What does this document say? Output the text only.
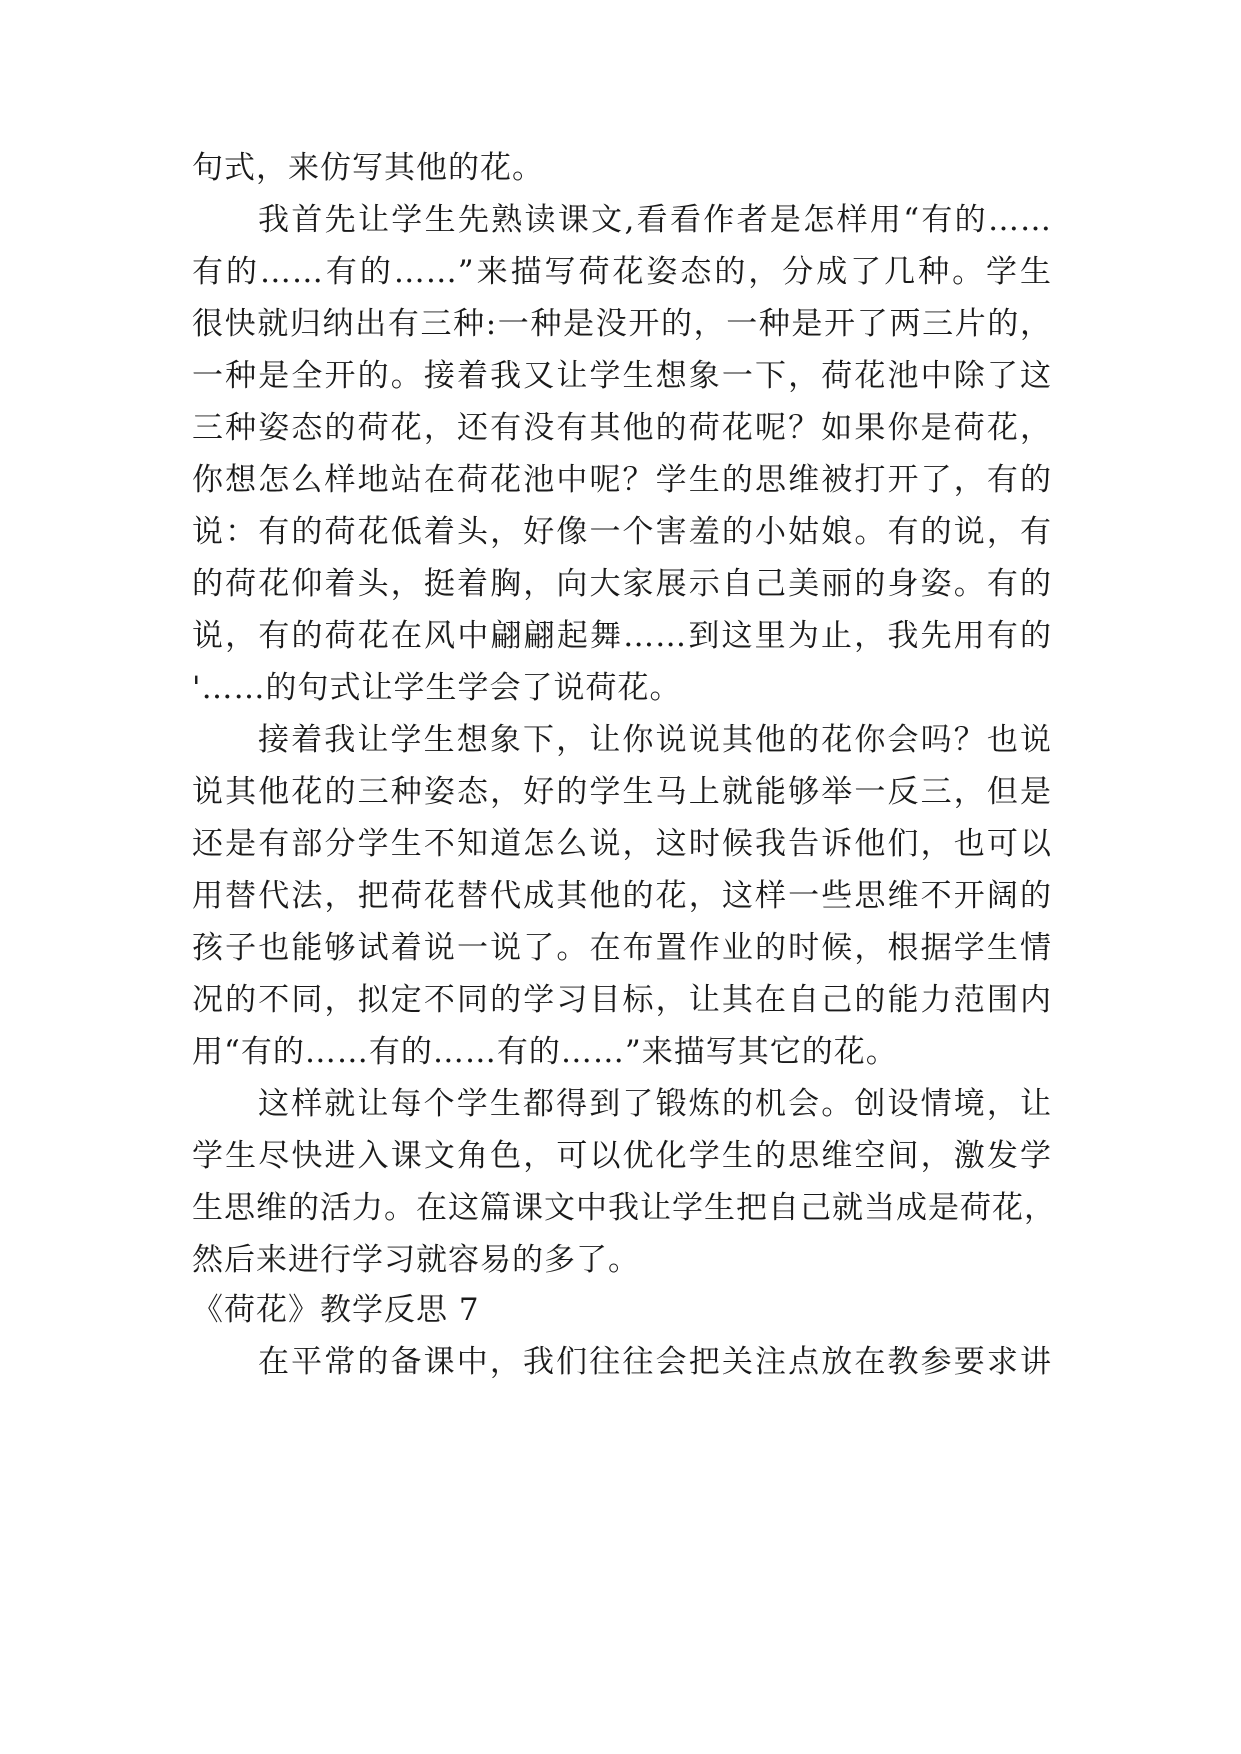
句式，来仿写其他的花。
我首先让学生先熟读课文,看看作者是怎样用“有的……
有的……有的……”来描写荷花姿态的，分成了几种。学生
很快就归纳出有三种:一种是没开的，一种是开了两三片的，
一种是全开的。接着我又让学生想象一下，荷花池中除了这
三种姿态的荷花，还有没有其他的荷花呢？如果你是荷花，
你想怎么样地站在荷花池中呢？学生的思维被打开了，有的
说：有的荷花低着头，好像一个害羞的小姑娘。有的说，有
的荷花仰着头，挺着胸，向大家展示自己美丽的身姿。有的
说，有的荷花在风中翩翩起舞……到这里为止，我先用有的
'……的句式让学生学会了说荷花。
接着我让学生想象下，让你说说其他的花你会吗？也说
说其他花的三种姿态，好的学生马上就能够举一反三，但是
还是有部分学生不知道怎么说，这时候我告诉他们，也可以
用替代法，把荷花替代成其他的花，这样一些思维不开阔的
孩子也能够试着说一说了。在布置作业的时候，根据学生情
况的不同，拟定不同的学习目标，让其在自己的能力范围内
用“有的……有的……有的……”来描写其它的花。
这样就让每个学生都得到了锻炼的机会。创设情境，让
学生尽快进入课文角色，可以优化学生的思维空间，激发学
生思维的活力。在这篇课文中我让学生把自己就当成是荷花，
然后来进行学习就容易的多了。
《荷花》教学反思 7
在平常的备课中，我们往往会把关注点放在教参要求讲
